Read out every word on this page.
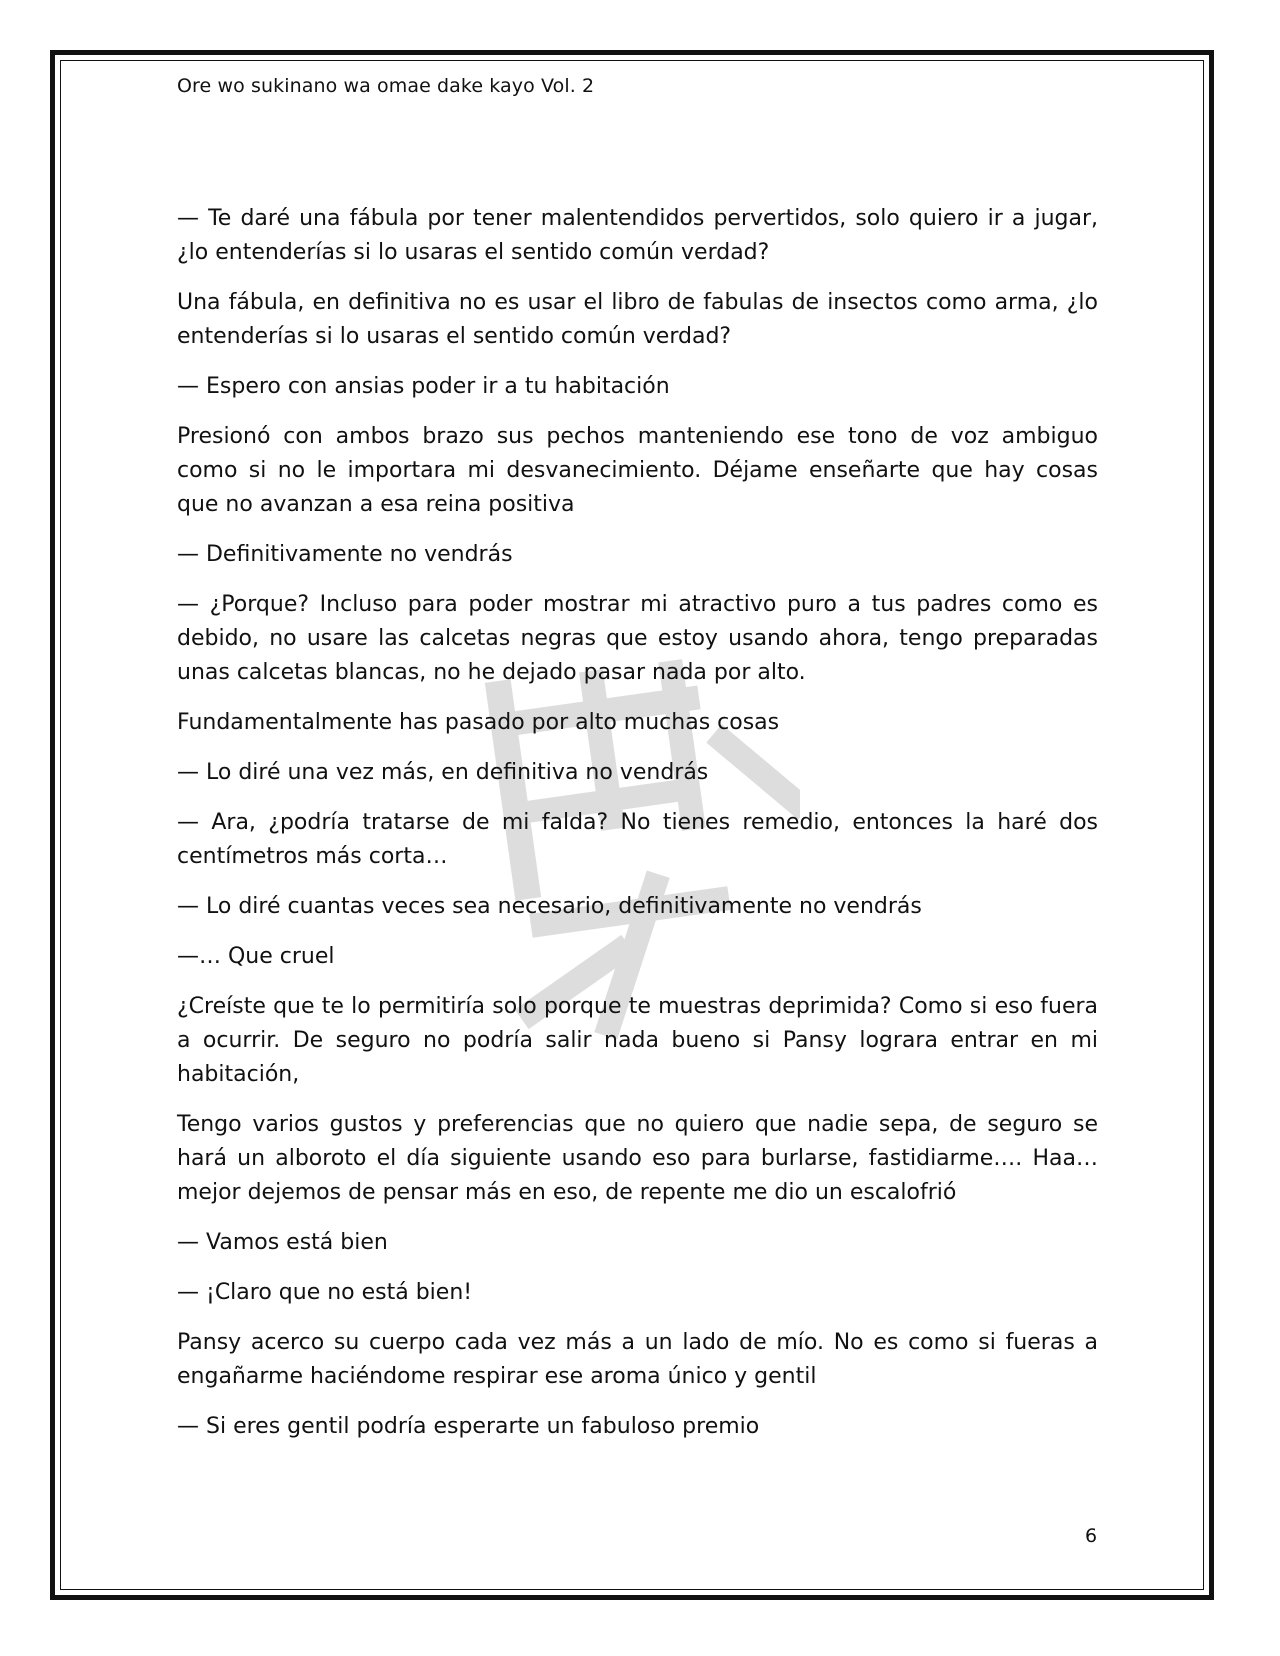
Ore wo sukinano wa omae dake kayo Vol. 2

— Te daré una fábula por tener malentendidos pervertidos, solo quiero ir a jugar, ¿lo entenderías si lo usaras el sentido común verdad?

Una fábula, en definitiva no es usar el libro de fabulas de insectos como arma, ¿lo entenderías si lo usaras el sentido común verdad?

— Espero con ansias poder ir a tu habitación

Presionó con ambos brazo sus pechos manteniendo ese tono de voz ambiguo como si no le importara mi desvanecimiento. Déjame enseñarte que hay cosas que no avanzan a esa reina positiva

— Definitivamente no vendrás

— ¿Porque? Incluso para poder mostrar mi atractivo puro a tus padres como es debido, no usare las calcetas negras que estoy usando ahora, tengo preparadas unas calcetas blancas, no he dejado pasar nada por alto.

Fundamentalmente has pasado por alto muchas cosas

— Lo diré una vez más, en definitiva no vendrás

— Ara, ¿podría tratarse de mi falda? No tienes remedio, entonces la haré dos centímetros más corta…

— Lo diré cuantas veces sea necesario, definitivamente no vendrás

—… Que cruel

¿Creíste que te lo permitiría solo porque te muestras deprimida? Como si eso fuera a ocurrir. De seguro no podría salir nada bueno si Pansy lograra entrar en mi habitación,

Tengo varios gustos y preferencias que no quiero que nadie sepa, de seguro se hará un alboroto el día siguiente usando eso para burlarse, fastidiarme…. Haa… mejor dejemos de pensar más en eso, de repente me dio un escalofrió

— Vamos está bien

— ¡Claro que no está bien!

Pansy acerco su cuerpo cada vez más a un lado de mío. No es como si fueras a engañarme haciéndome respirar ese aroma único y gentil

— Si eres gentil podría esperarte un fabuloso premio

6
